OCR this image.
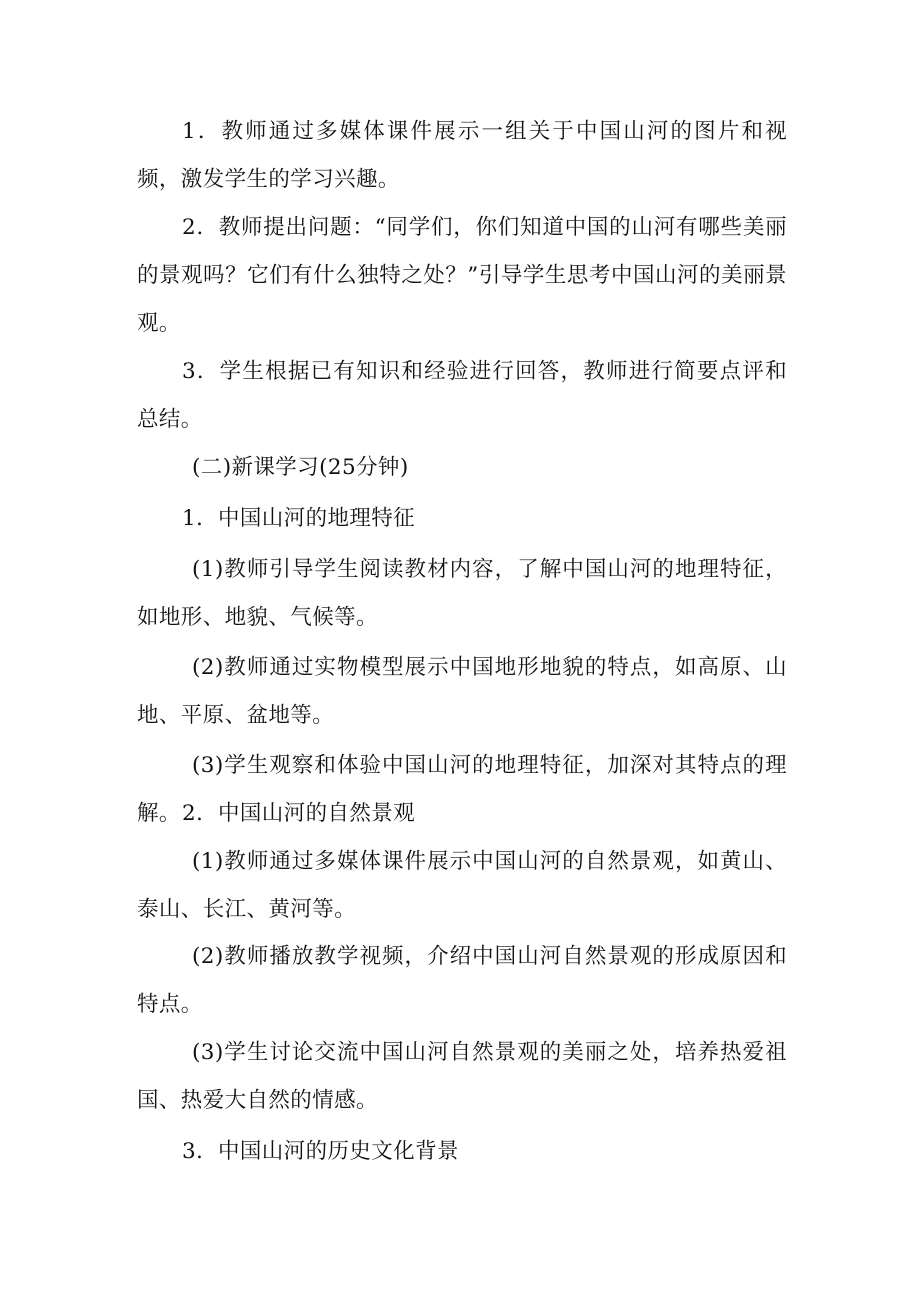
1．教师通过多媒体课件展示一组关于中国山河的图片和视频，激发学生的学习兴趣。

2．教师提出问题：“同学们，你们知道中国的山河有哪些美丽的景观吗？它们有什么独特之处？”引导学生思考中国山河的美丽景观。

3．学生根据已有知识和经验进行回答，教师进行简要点评和总结。

(二)新课学习(25分钟)

1．中国山河的地理特征

(1)教师引导学生阅读教材内容，了解中国山河的地理特征，如地形、地貌、气候等。

(2)教师通过实物模型展示中国地形地貌的特点，如高原、山地、平原、盆地等。

(3)学生观察和体验中国山河的地理特征，加深对其特点的理解。 2．中国山河的自然景观

(1)教师通过多媒体课件展示中国山河的自然景观，如黄山、泰山、长江、黄河等。

(2)教师播放教学视频，介绍中国山河自然景观的形成原因和特点。

(3)学生讨论交流中国山河自然景观的美丽之处，培养热爱祖国、热爱大自然的情感。

3．中国山河的历史文化背景
